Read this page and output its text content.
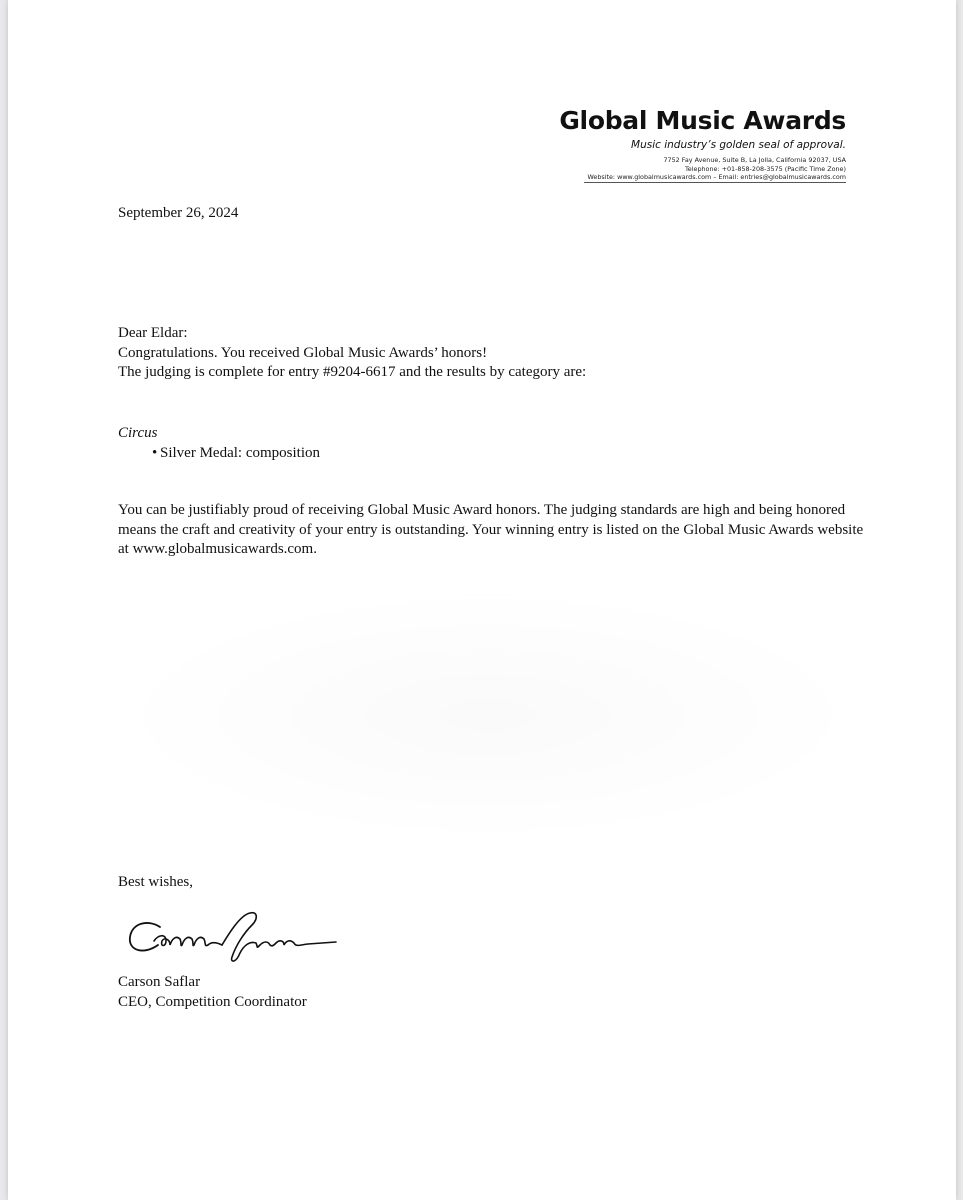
Global Music Awards
Music industry’s golden seal of approval.
7752 Fay Avenue, Suite B, La Jolla, California 92037, USA
Telephone: +01-858-208-3575 (Pacific Time Zone)
Website: www.globalmusicawards.com – Email: entries@globalmusicawards.com
September 26, 2024

Dear Eldar:

Congratulations. You received Global Music Awards’ honors!

The judging is complete for entry #9204-6617 and the results by category are:

Circus
• Silver Medal: composition

You can be justifiably proud of receiving Global Music Award honors. The judging standards are high and being honored means the craft and creativity of your entry is outstanding. Your winning entry is listed on the Global Music Awards website at www.globalmusicawards.com.

Best wishes,
Carson Saflar
CEO, Competition Coordinator
